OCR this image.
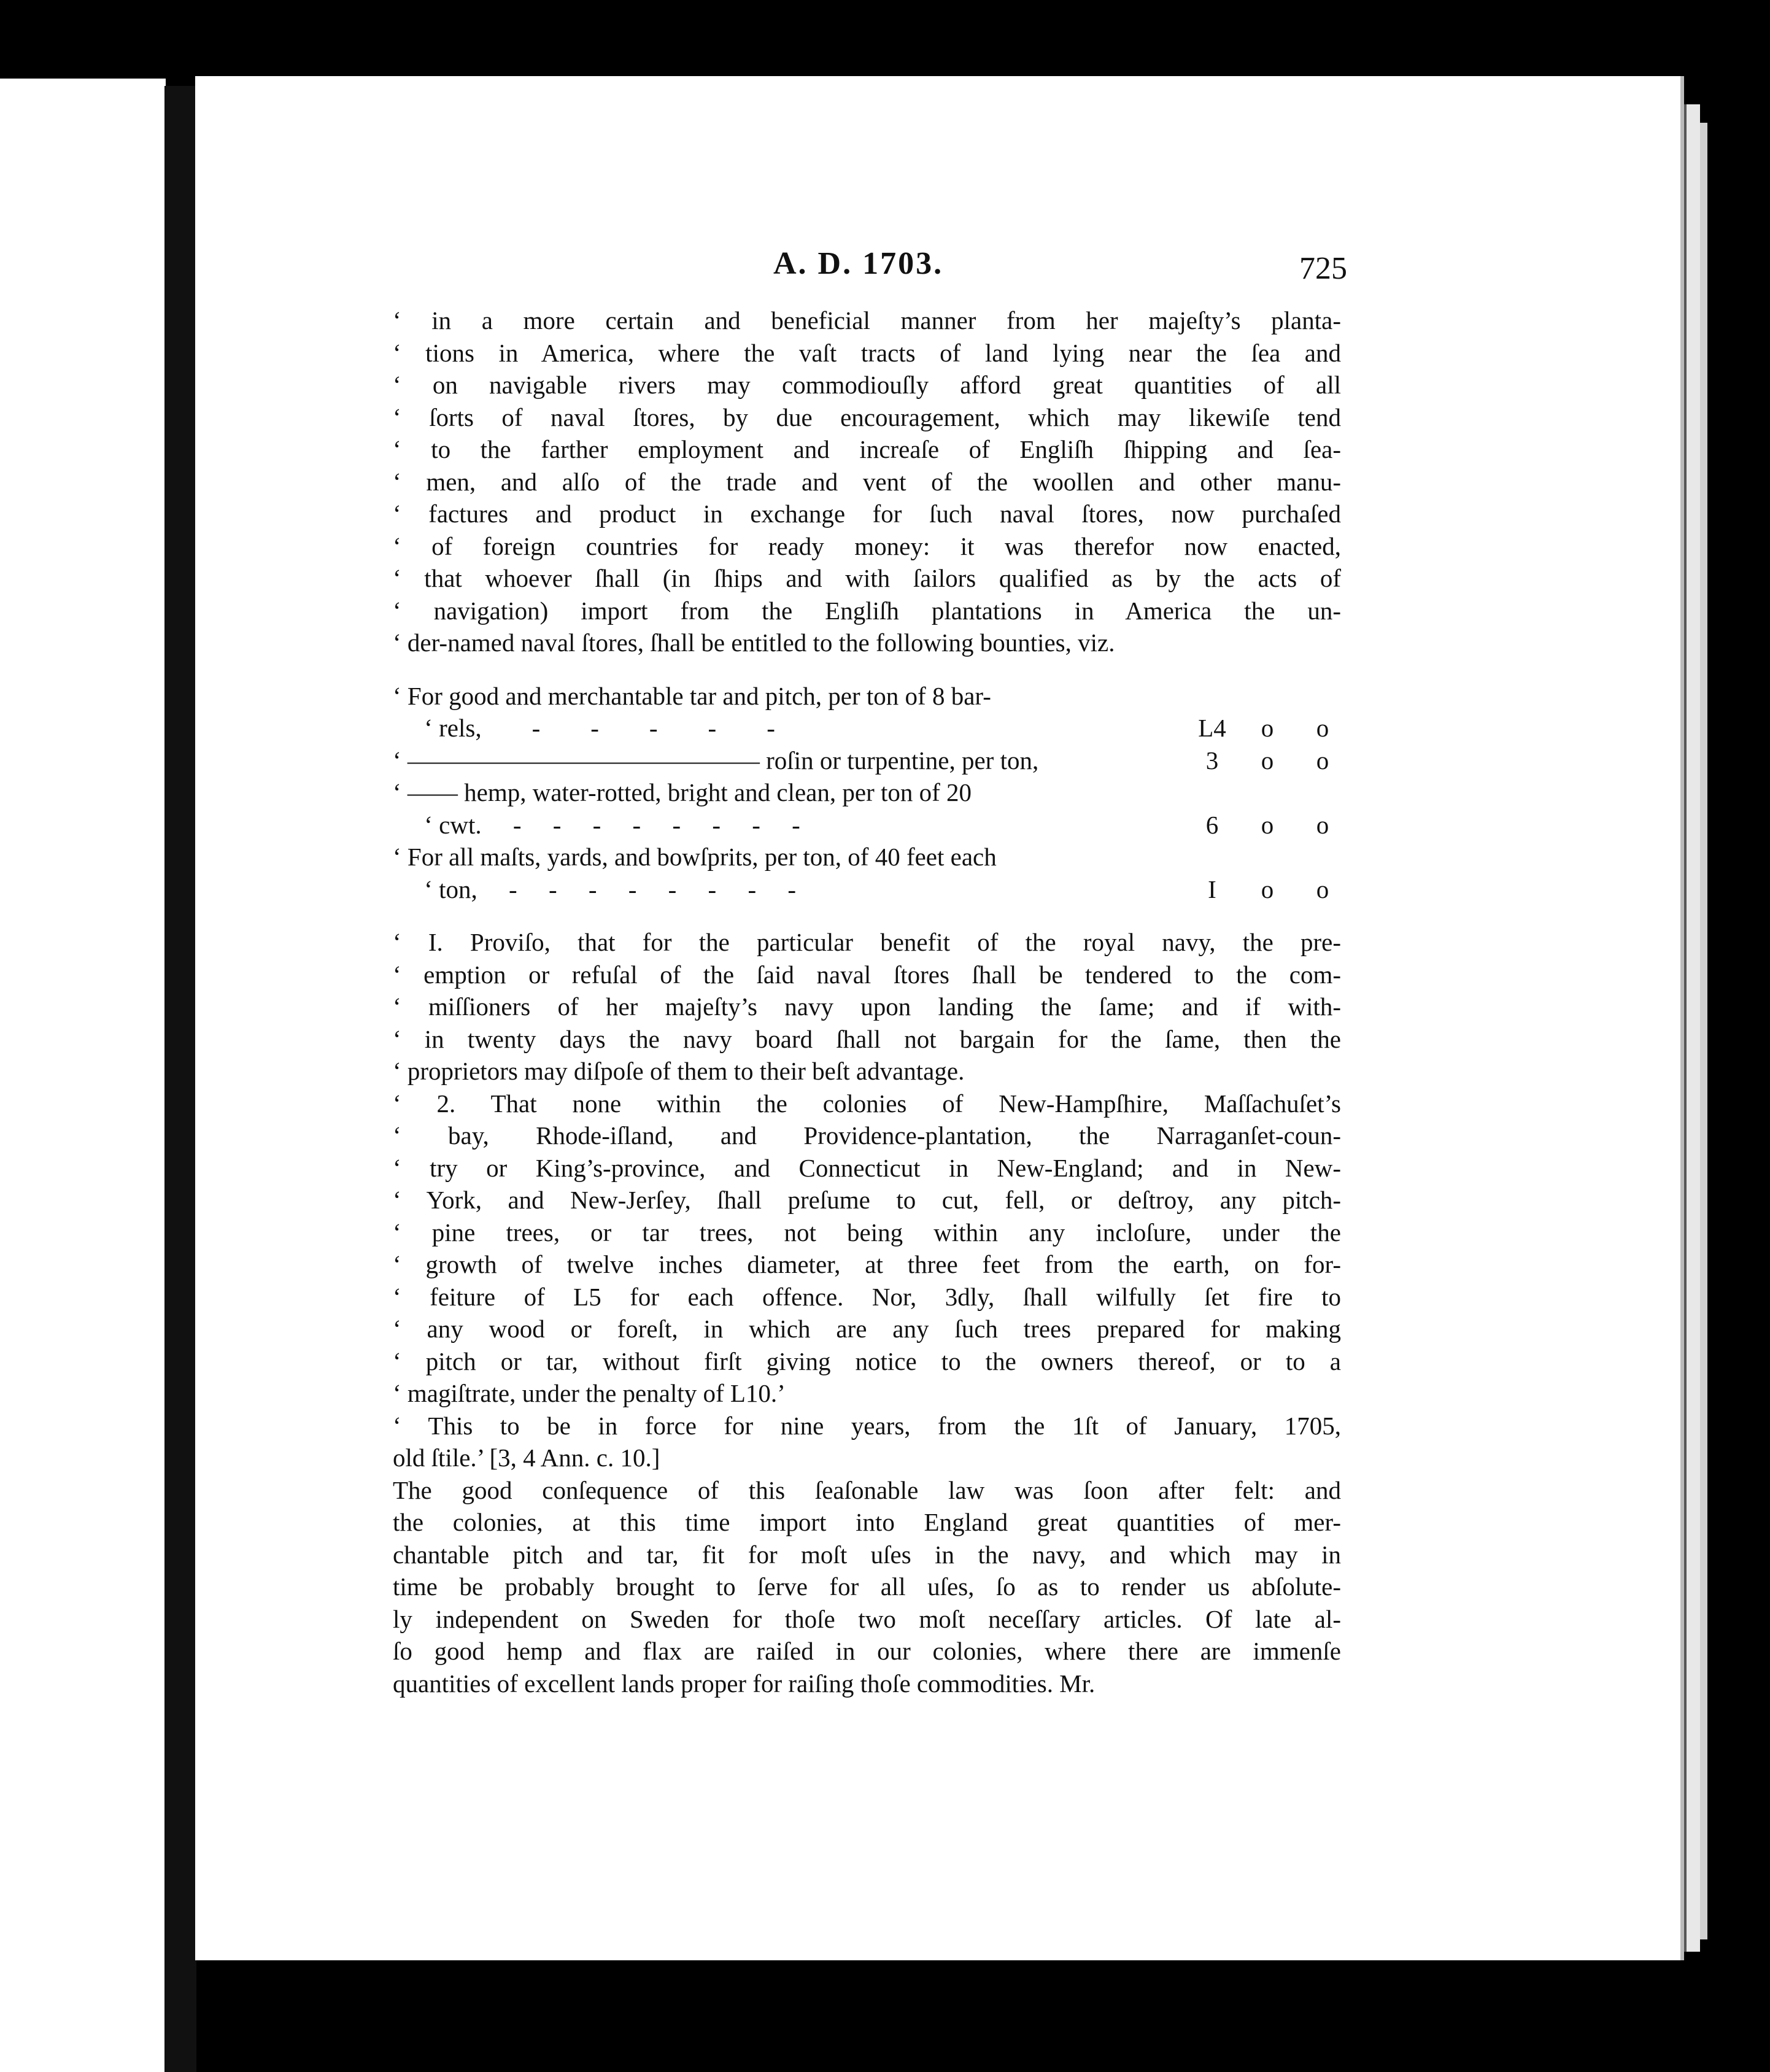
A. D. 1703.	725
‘ in a more certain and beneficial manner from her majeſty’s planta-
‘ tions in America, where the vaſt tracts of land lying near the ſea and
‘ on navigable rivers may commodiouſly afford great quantities of all
‘ ſorts of naval ſtores, by due encouragement, which may likewiſe tend
‘ to the farther employment and increaſe of Engliſh ſhipping and ſea-
‘ men, and alſo of the trade and vent of the woollen and other manu-
‘ factures and product in exchange for ſuch naval ſtores, now purchaſed
‘ of foreign countries for ready money: it was therefor now enacted,
‘ that whoever ſhall (in ſhips and with ſailors qualified as by the acts of
‘ navigation) import from the Engliſh plantations in America the un-
‘ der-named naval ſtores, ſhall be entitled to the following bounties, viz.
‘ For good and merchantable tar and pitch, per ton of 8 bar-
‘ rels,        -        -        -        -        -	L4	o	o
‘ —————————————— roſin or turpentine, per ton,	3	o	o
‘ —— hemp, water-rotted, bright and clean, per ton of 20
‘ cwt.     -     -     -     -     -     -     -     -	6	o	o
‘ For all maſts, yards, and bowſprits, per ton, of 40 feet each
‘ ton,     -     -     -     -     -     -     -     -	I	o	o
‘ I. Proviſo, that for the particular benefit of the royal navy, the pre-
‘ emption or refuſal of the ſaid naval ſtores ſhall be tendered to the com-
‘ miſſioners of her majeſty’s navy upon landing the ſame; and if with-
‘ in twenty days the navy board ſhall not bargain for the ſame, then the
‘ proprietors may diſpoſe of them to their beſt advantage.
‘ 2. That none within the colonies of New-Hampſhire, Maſſachuſet’s
‘ bay, Rhode-iſland, and Providence-plantation, the Narraganſet-coun-
‘ try or King’s-province, and Connecticut in New-England; and in New-
‘ York, and New-Jerſey, ſhall preſume to cut, fell, or deſtroy, any pitch-
‘ pine trees, or tar trees, not being within any incloſure, under the
‘ growth of twelve inches diameter, at three feet from the earth, on for-
‘ feiture of L5 for each offence. Nor, 3dly, ſhall wilfully ſet fire to
‘ any wood or foreſt, in which are any ſuch trees prepared for making
‘ pitch or tar, without firſt giving notice to the owners thereof, or to a
‘ magiſtrate, under the penalty of L10.’
‘ This to be in force for nine years, from the 1ſt of January, 1705,
old ſtile.’ [3, 4 Ann. c. 10.]
The good conſequence of this ſeaſonable law was ſoon after felt: and
the colonies, at this time import into England great quantities of mer-
chantable pitch and tar, fit for moſt uſes in the navy, and which may in
time be probably brought to ſerve for all uſes, ſo as to render us abſolute-
ly independent on Sweden for thoſe two moſt neceſſary articles. Of late al-
ſo good hemp and flax are raiſed in our colonies, where there are immenſe
quantities of excellent lands proper for raiſing thoſe commodities. Mr.
